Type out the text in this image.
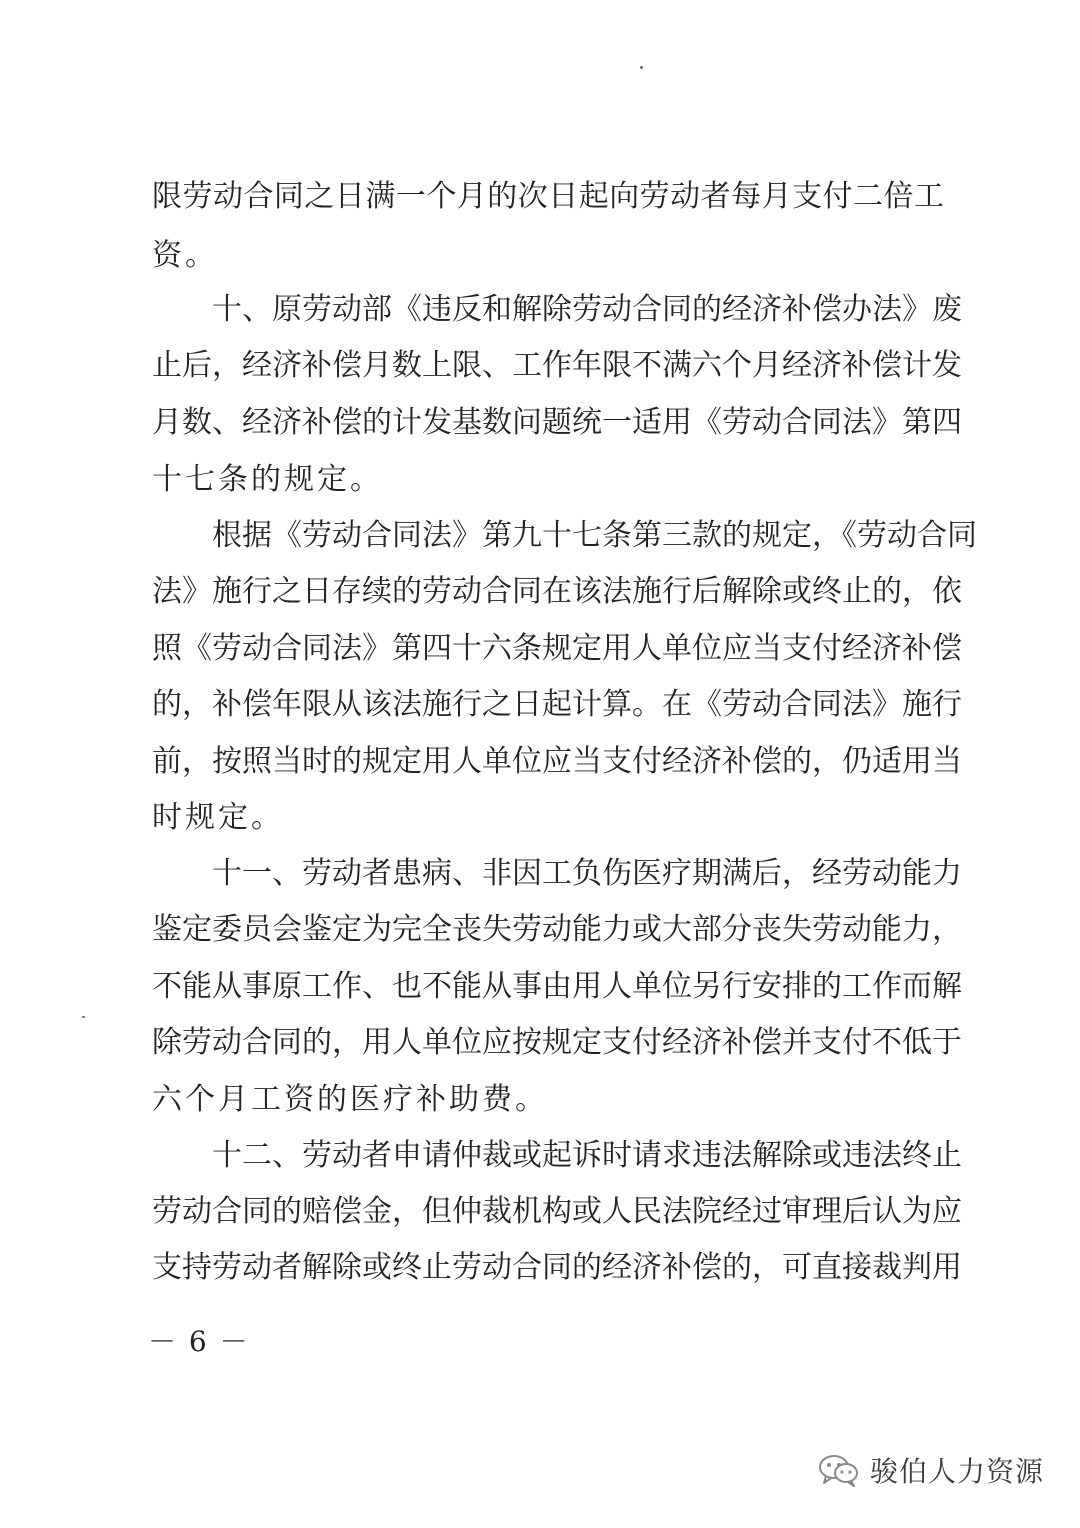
限劳动合同之日满一个月的次日起向劳动者每月支付二倍工
资。
十、原劳动部《违反和解除劳动合同的经济补偿办法》废
止后，经济补偿月数上限、工作年限不满六个月经济补偿计发
月数、经济补偿的计发基数问题统一适用《劳动合同法》第四
十七条的规定。
根据《劳动合同法》第九十七条第三款的规定，《劳动合同
法》施行之日存续的劳动合同在该法施行后解除或终止的，依
照《劳动合同法》第四十六条规定用人单位应当支付经济补偿
的，补偿年限从该法施行之日起计算。在《劳动合同法》施行
前，按照当时的规定用人单位应当支付经济补偿的，仍适用当
时规定。
十一、劳动者患病、非因工负伤医疗期满后，经劳动能力
鉴定委员会鉴定为完全丧失劳动能力或大部分丧失劳动能力，
不能从事原工作、也不能从事由用人单位另行安排的工作而解
除劳动合同的，用人单位应按规定支付经济补偿并支付不低于
六个月工资的医疗补助费。
十二、劳动者申请仲裁或起诉时请求违法解除或违法终止
劳动合同的赔偿金，但仲裁机构或人民法院经过审理后认为应
支持劳动者解除或终止劳动合同的经济补偿的，可直接裁判用
－ 6 －
骏伯人力资源
